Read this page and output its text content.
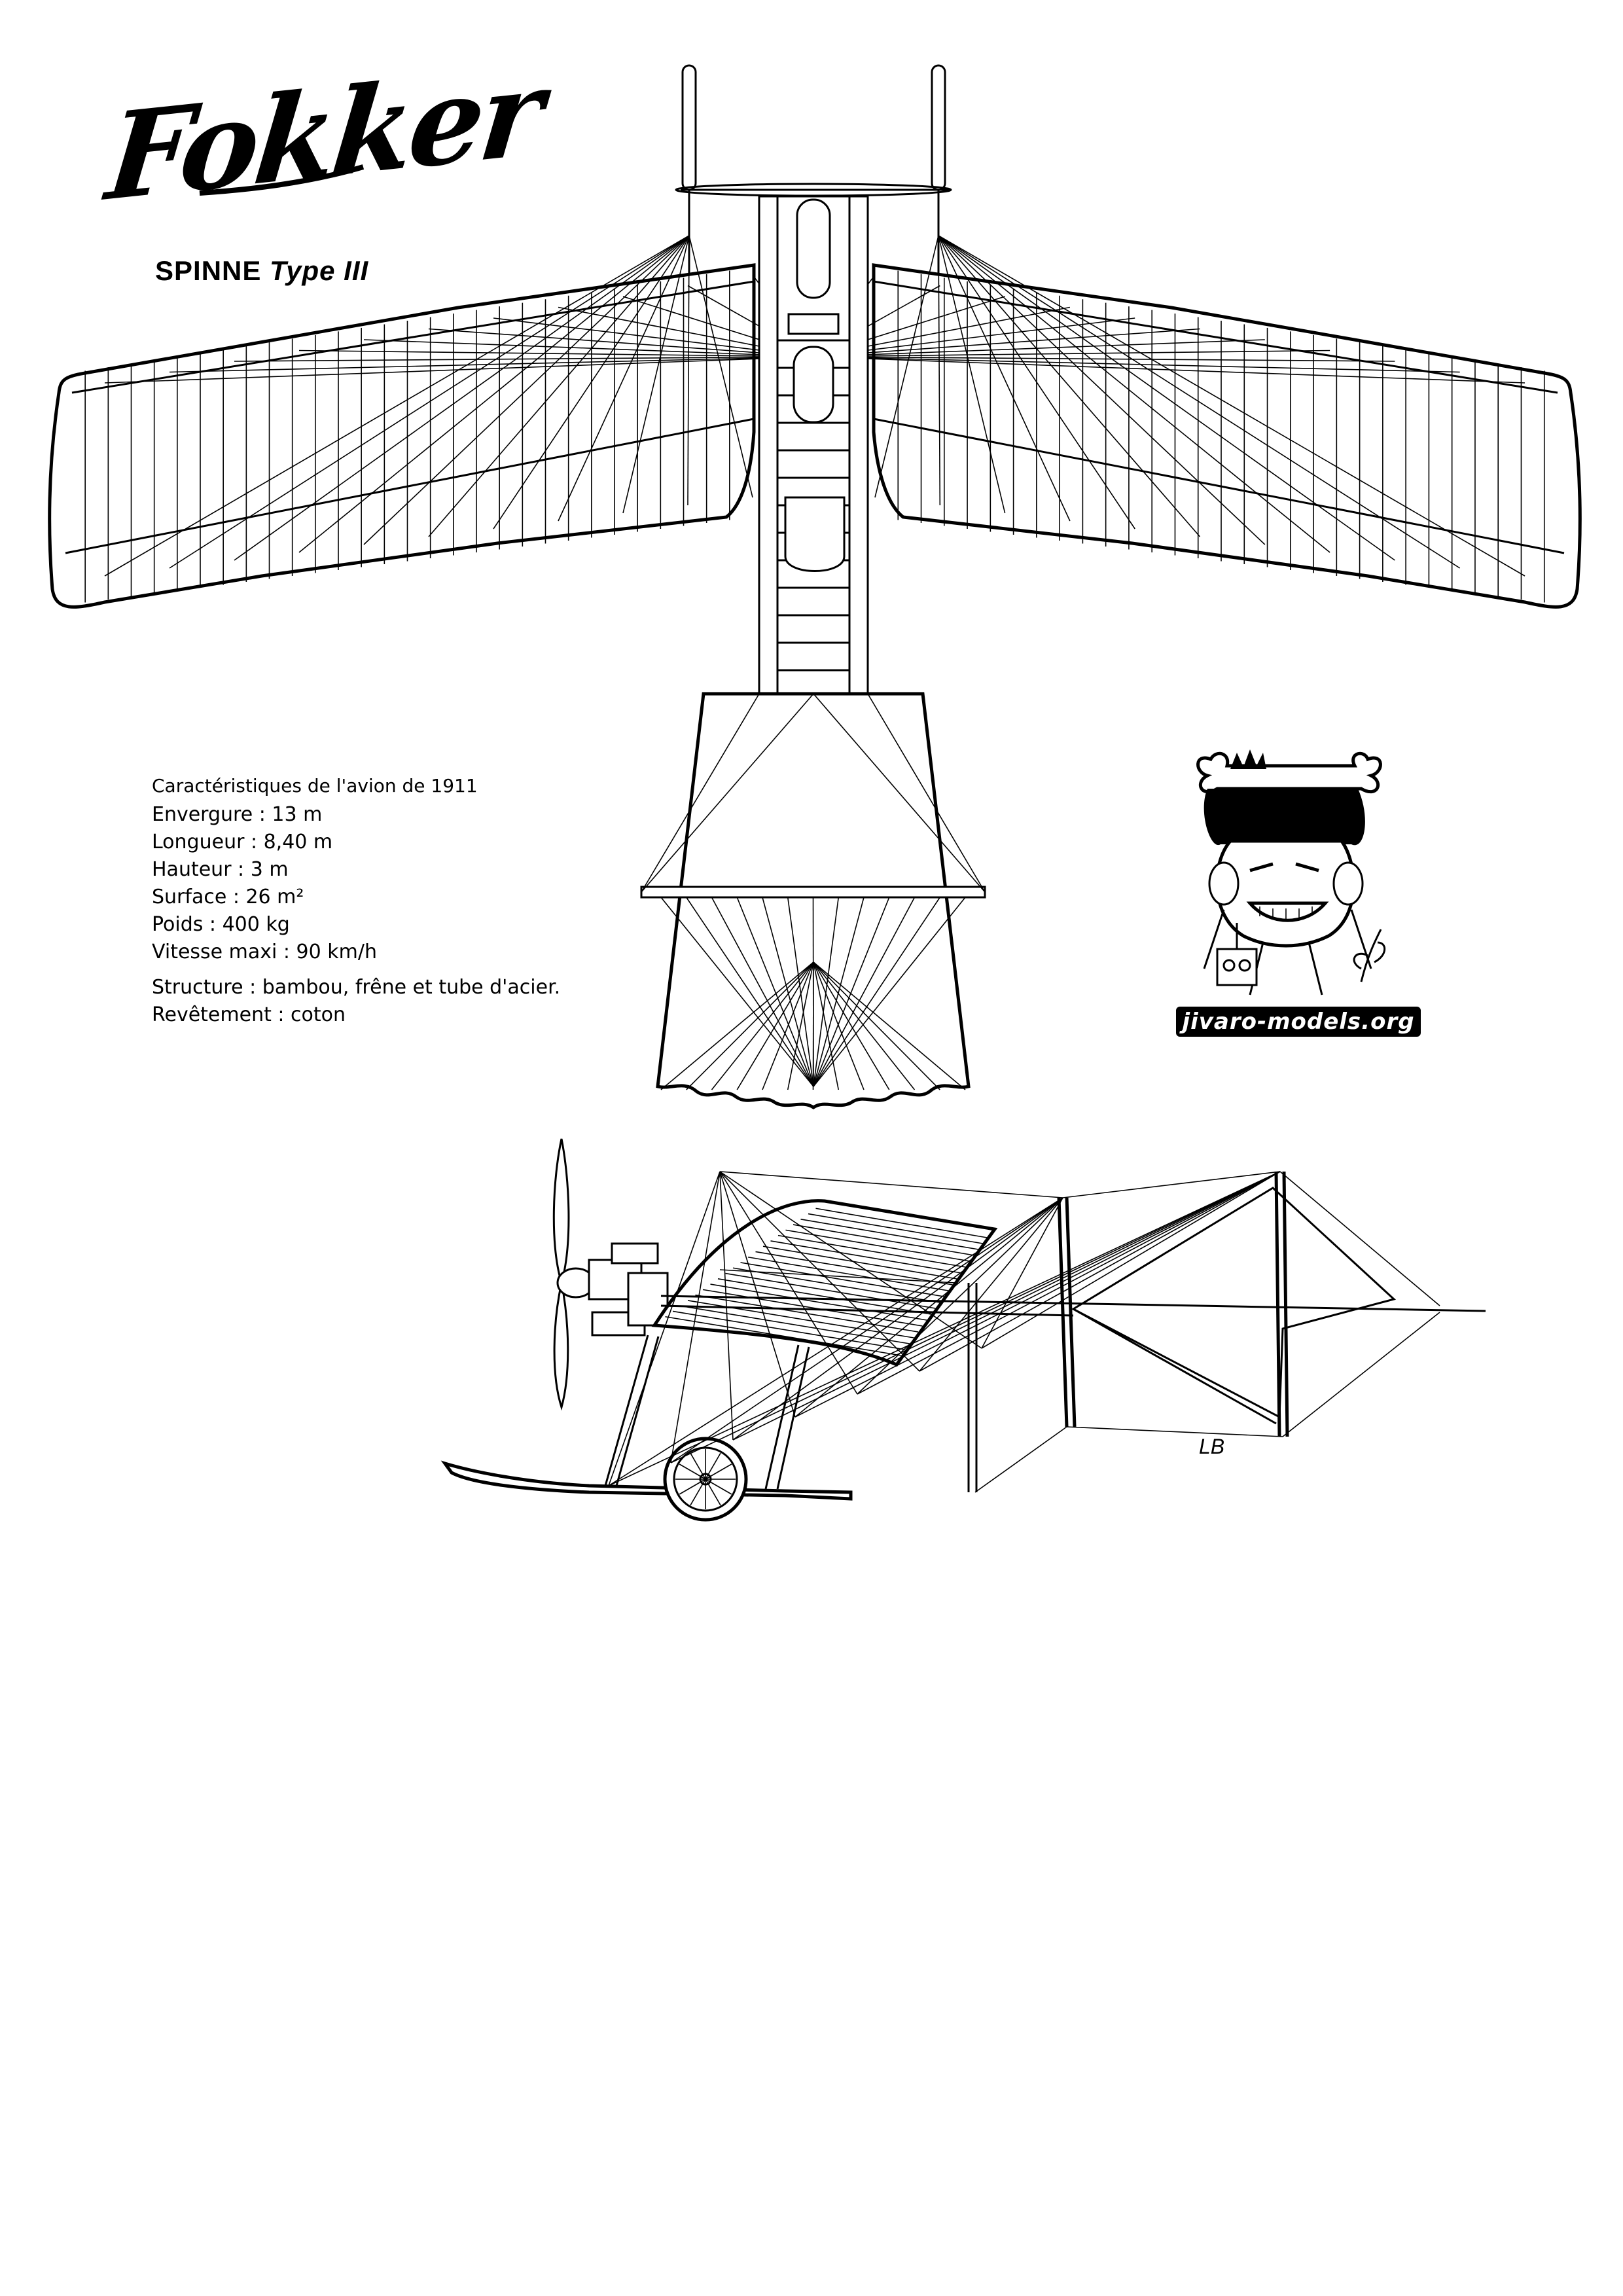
Fokker
SPINNE Type III
Caractéristiques de l'avion de 1911
Envergure : 13 m
Longueur : 8,40 m
Hauteur : 3 m
Surface : 26 m²
Poids : 400 kg
Vitesse maxi : 90 km/h
Structure : bambou, frêne et tube d'acier.
Revêtement : coton	jivaro-models.org
LB
